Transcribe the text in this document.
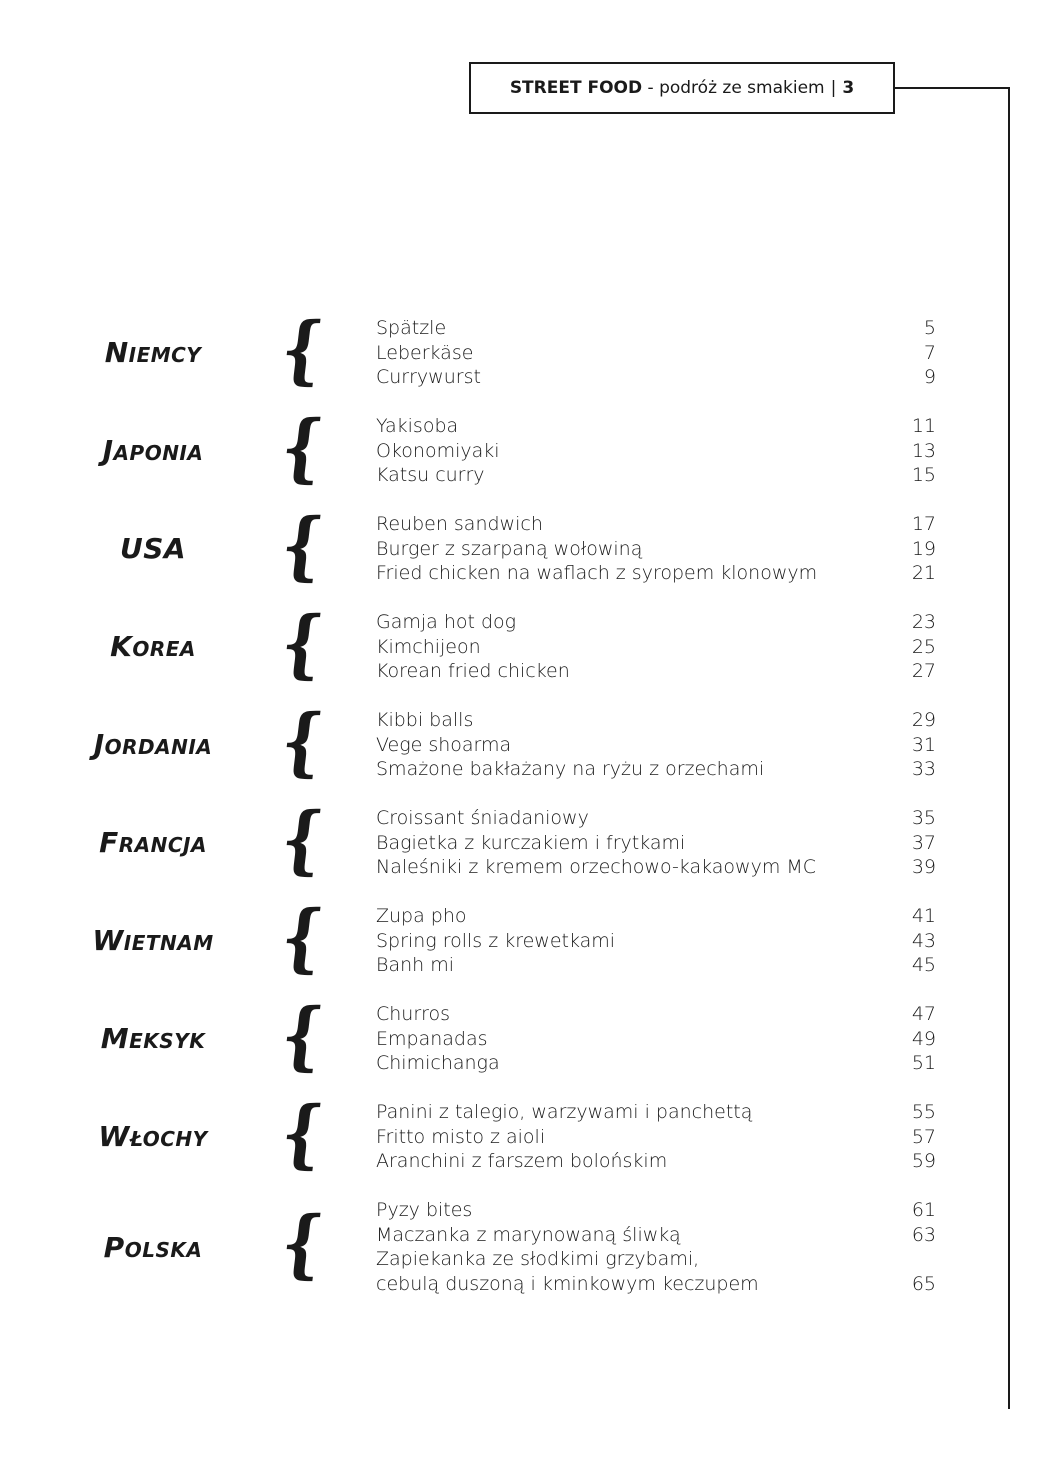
STREET FOOD
- podróż ze smakiem | 3
Niemcy	{	Spätzle	5
Leberkäse	7
Currywurst	9
Japonia {	Yakisoba	11
Okonomiyaki	13
Katsu curry	15
USA	{	Reuben sandwich	17
Burger z szarpaną wołowiną	19
Fried chicken na waflach z syropem klonowym	21
Korea	{	Gamja hot dog	23
Kimchijeon	25
Korean fried chicken	27
Jordania {	Kibbi balls	29
Vege shoarma	31
Smażone bakłażany na ryżu z orzechami	33
Francja {	Croissant śniadaniowy	35
Bagietka z kurczakiem i frytkami	37
Naleśniki z kremem orzechowo-kakaowym MC	39
Wietnam {	Zupa pho	41
Spring rolls z krewetkami	43
Banh mi	45
Meksyk {	Churros	47
Empanadas	49
Chimichanga	51
Włochy {	Panini z talegio, warzywami i panchettą	55
Fritto misto z aioli	57
Aranchini z farszem bolońskim	59
Polska	{	Pyzy bites	61
Maczanka z marynowaną śliwką	63
Zapiekanka ze słodkimi grzybami,
cebulą duszoną i kminkowym keczupem	65
